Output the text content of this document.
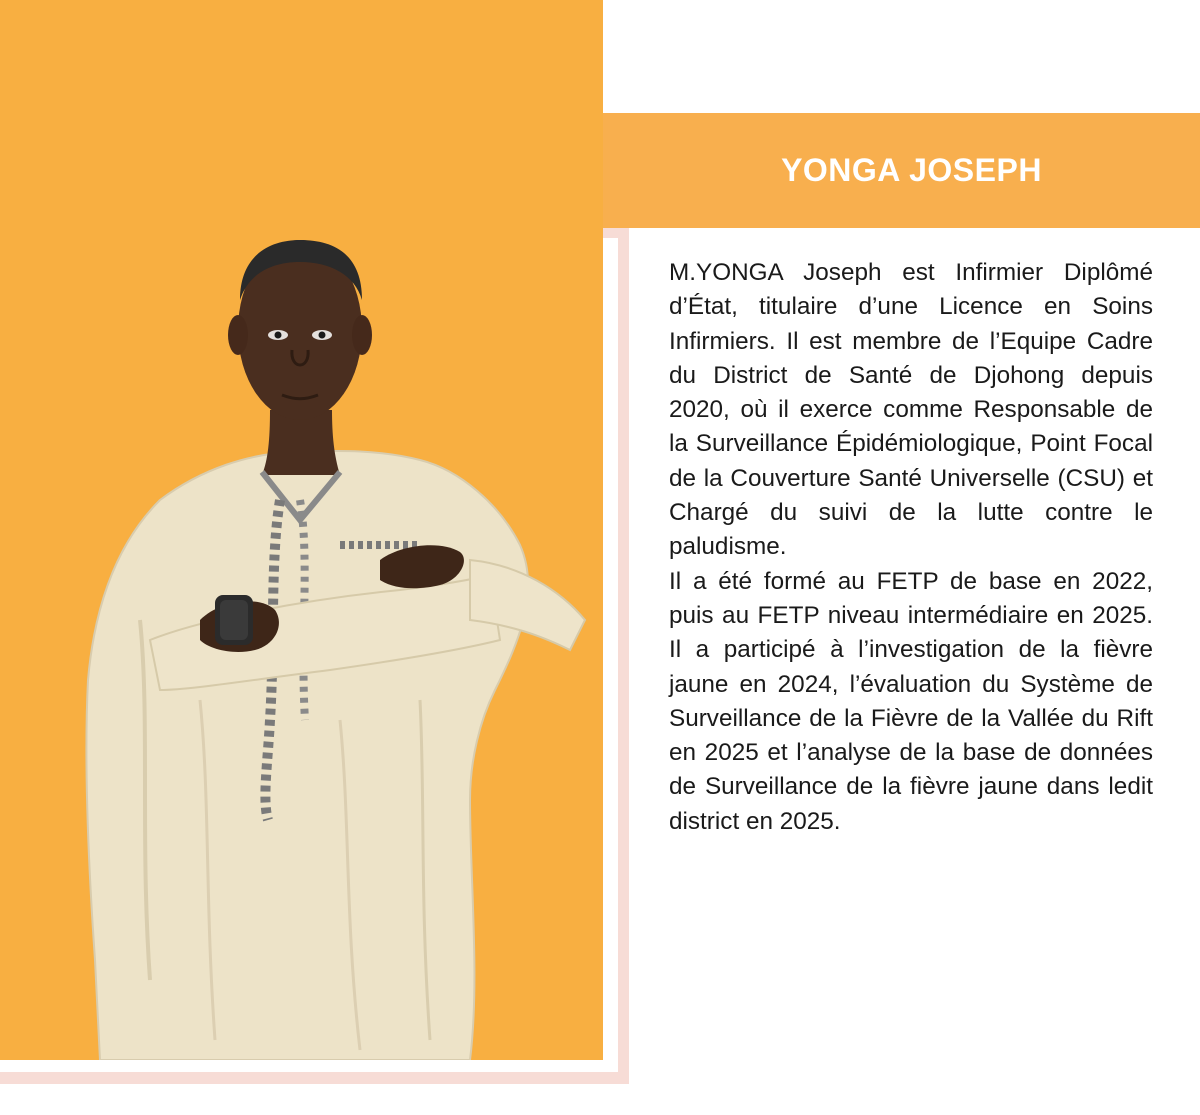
YONGA JOSEPH

M.YONGA Joseph est Infirmier Diplômé d’État, titulaire d’une Licence en Soins Infirmiers. Il est membre de l’Equipe Cadre du District de Santé de Djohong depuis 2020, où il exerce comme Responsable de la Surveillance Épidémiologique, Point Focal de la Couverture Santé Universelle (CSU) et Chargé du suivi de la lutte contre le paludisme.

Il a été formé au FETP de base en 2022, puis au FETP niveau intermédiaire en 2025. Il a participé à l’investigation de la fièvre jaune en 2024, l’évaluation du Système de Surveillance de la Fièvre de la Vallée du Rift en 2025 et l’analyse de la base de données de Surveillance de la fièvre jaune dans ledit district en 2025.
